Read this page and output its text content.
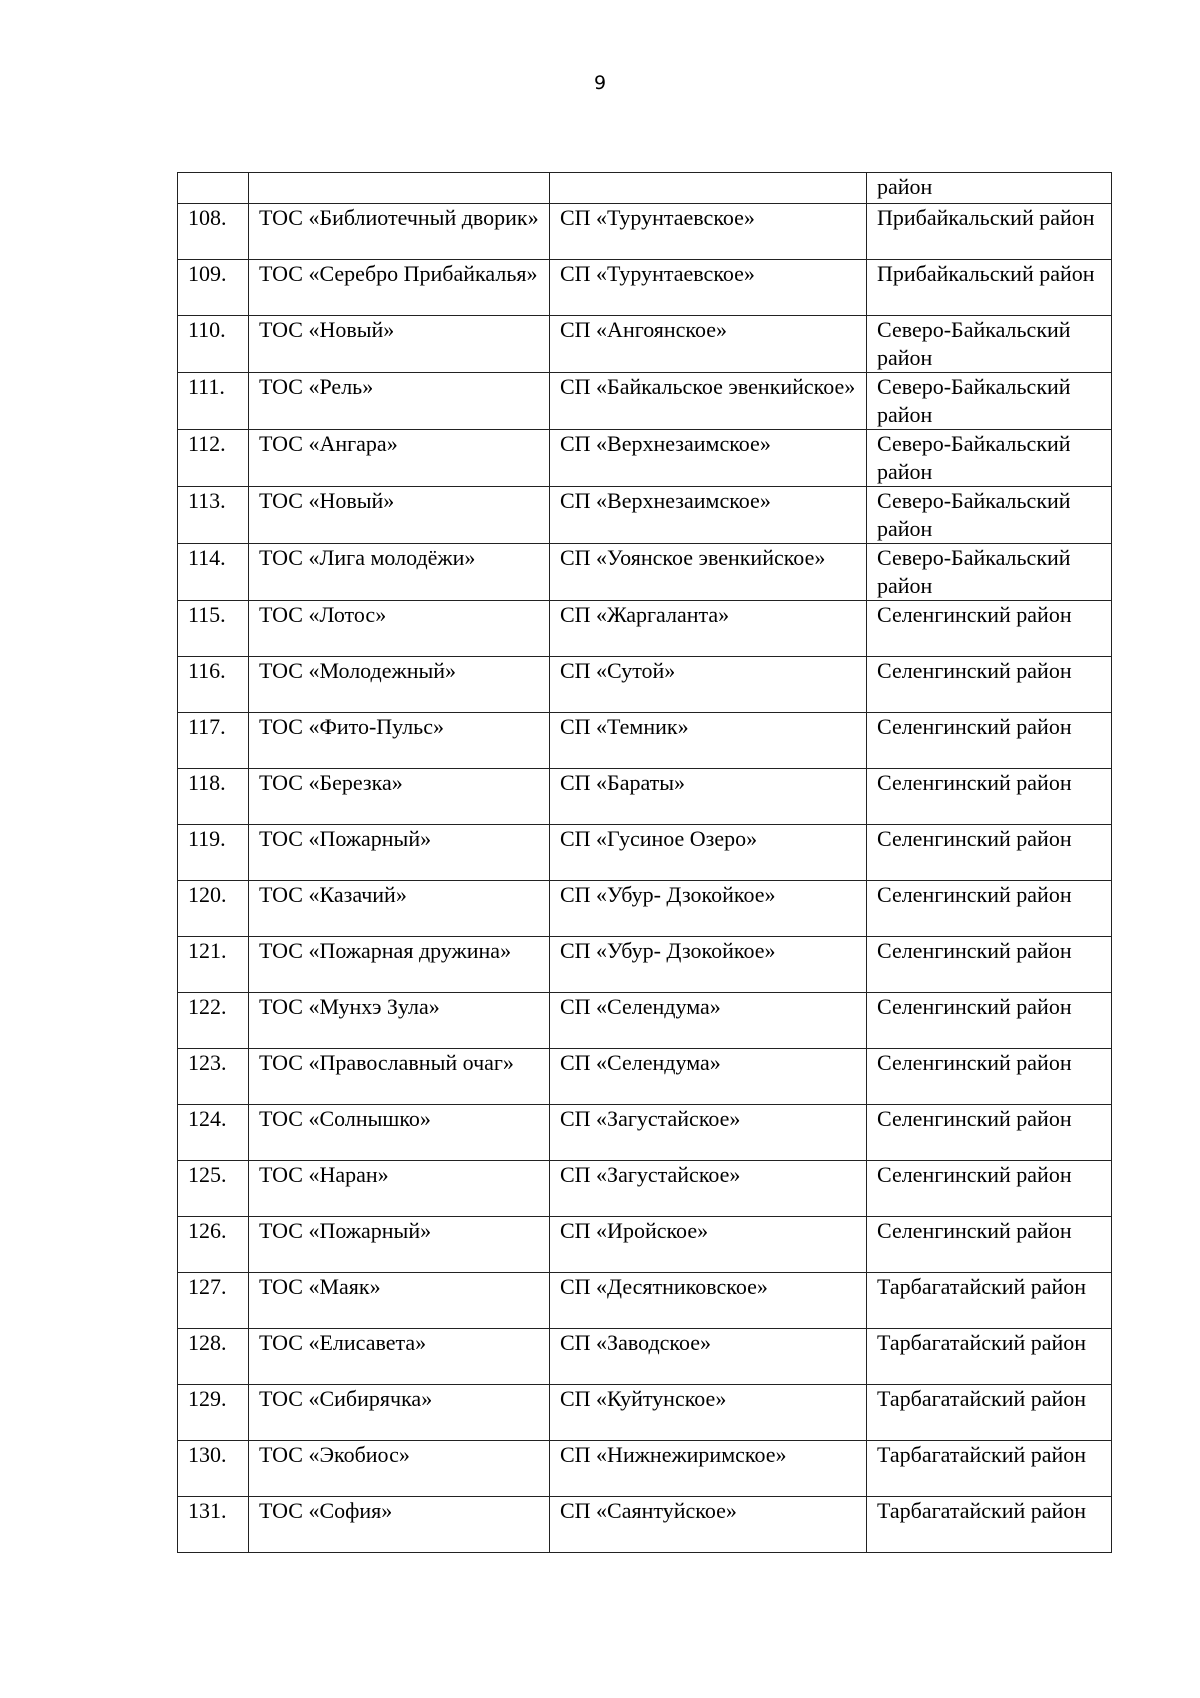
9
			район
108.	ТОС «Библиотечный дворик»	СП «Турунтаевское»	Прибайкальский район
109.	ТОС «Серебро Прибайкалья»	СП «Турунтаевское»	Прибайкальский район
110.	ТОС «Новый»	СП «Ангоянское»	Северо-Байкальский район
111.	ТОС «Рель»	СП «Байкальское эвенкийское»	Северо-Байкальский район
112.	ТОС «Ангара»	СП «Верхнезаимское»	Северо-Байкальский район
113.	ТОС «Новый»	СП «Верхнезаимское»	Северо-Байкальский район
114.	ТОС «Лига молодёжи»	СП «Уоянское эвенкийское»	Северо-Байкальский район
115.	ТОС «Лотос»	СП «Жаргаланта»	Селенгинский район
116.	ТОС «Молодежный»	СП «Сутой»	Селенгинский район
117.	ТОС «Фито-Пульс»	СП «Темник»	Селенгинский район
118.	ТОС «Березка»	СП «Бараты»	Селенгинский район
119.	ТОС «Пожарный»	СП «Гусиное Озеро»	Селенгинский район
120.	ТОС «Казачий»	СП «Убур- Дзокойкое»	Селенгинский район
121.	ТОС «Пожарная дружина»	СП «Убур- Дзокойкое»	Селенгинский район
122.	ТОС «Мунхэ Зула»	СП «Селендума»	Селенгинский район
123.	ТОС «Православный очаг»	СП «Селендума»	Селенгинский район
124.	ТОС «Солнышко»	СП «Загустайское»	Селенгинский район
125.	ТОС «Наран»	СП «Загустайское»	Селенгинский район
126.	ТОС «Пожарный»	СП «Иройское»	Селенгинский район
127.	ТОС «Маяк»	СП «Десятниковское»	Тарбагатайский район
128.	ТОС «Елисавета»	СП «Заводское»	Тарбагатайский район
129.	ТОС «Сибирячка»	СП «Куйтунское»	Тарбагатайский район
130.	ТОС «Экобиос»	СП «Нижнежиримское»	Тарбагатайский район
131.	ТОС «София»	СП «Саянтуйское»	Тарбагатайский район
